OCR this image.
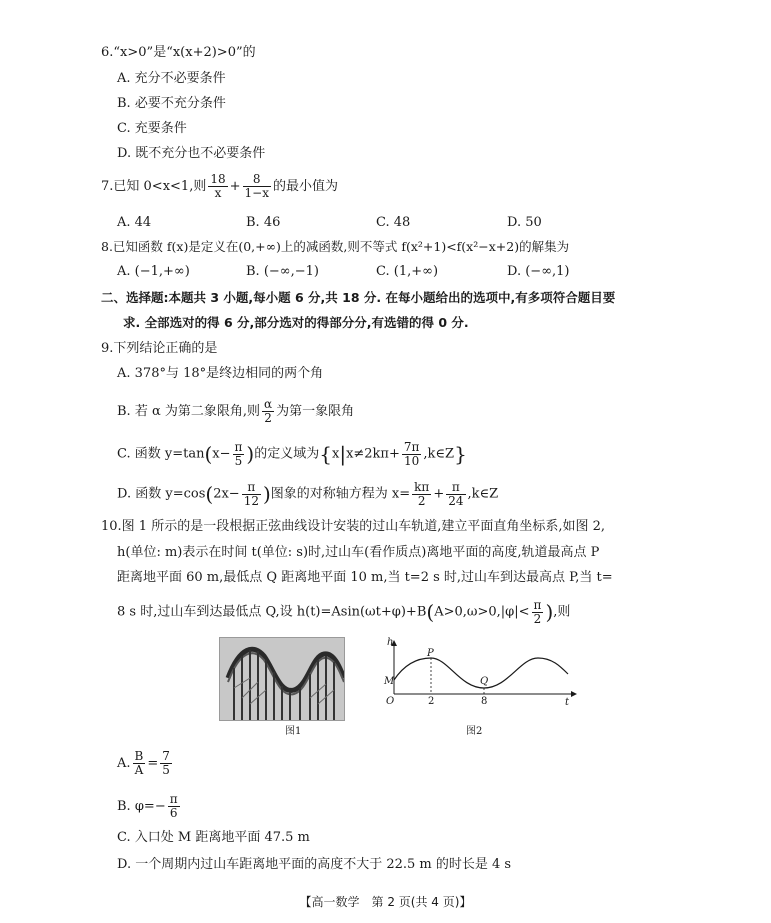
6.“x>0”是“x(x+2)>0”的
A. 充分不必要条件
B. 必要不充分条件
C. 充要条件
D. 既不充分也不必要条件
7.已知 0<x<1,则 $\frac{18}{x} + \frac{8}{1-x}$ 的最小值为
A. 44	B. 46	C. 48	D. 50
8.已知函数 f(x)是定义在(0,+∞)上的减函数,则不等式 f(x²+1)<f(x²−x+2)的解集为
A. (−1,+∞)	B. (−∞,−1)	C. (1,+∞)	D. (−∞,1)
二、选择题:本题共 3 小题,每小题 6 分,共 18 分. 在每小题给出的选项中,有多项符合题目要
求. 全部选对的得 6 分,部分选对的得部分分,有选错的得 0 分.
9.下列结论正确的是
A. 378°与 18°是终边相同的两个角
B. 若 α 为第二象限角,则 $\frac{\alpha}{2}$ 为第一象限角
C. 函数 $y=\tan(x- \frac{\pi}{5}$ )的定义域为{$x|x\ne 2k\pi+ \frac{7\pi}{10}$ ,k∈Z}
D. 函数 $y=\cos(2x- \frac{\pi}{12}$ )图象的对称轴方程为 $x= \frac{k\pi}{2} + \frac{\pi}{24}$ ,k∈Z
10.图 1 所示的是一段根据正弦曲线设计安装的过山车轨道,建立平面直角坐标系,如图 2,
h(单位: m)表示在时间 t(单位: s)时,过山车(看作质点)离地平面的高度,轨道最高点 P
距离地平面 60 m,最低点 Q 距离地平面 10 m,当 t=2 s 时,过山车到达最高点 P,当 t=
8 s 时,过山车到达最低点 Q,设 $h(t)=Asin(\omega t+\varphi)+B(A>0,\omega>0,|\varphi|< \frac{\pi}{2}$ ),则
图1
h
t
O
P
Q
M
2	8
图2
A. $\frac{B}{A} = \frac{7}{5}$
B. $\varphi=- \frac{\pi}{6}$
C. 入口处 M 距离地平面 47.5 m
D. 一个周期内过山车距离地平面的高度不大于 22.5 m 的时长是 4 s
【高一数学　第 2 页(共 4 页)】
